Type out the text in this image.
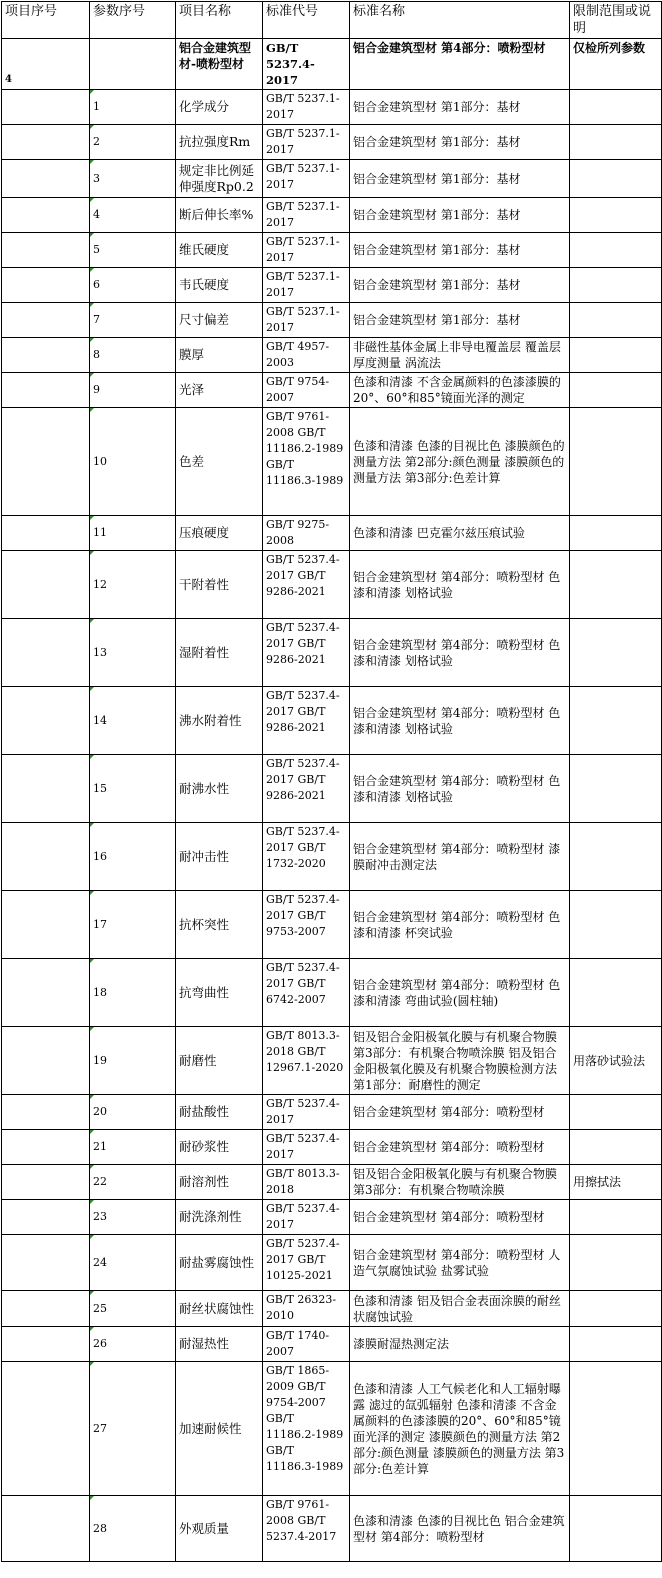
项目序号	参数序号	项目名称	标准代号	标准名称	限制范围或说明
4		铝合金建筑型材-喷粉型材	GB/T 5237.4-2017	铝合金建筑型材 第4部分：喷粉型材	仅检所列参数
	1	化学成分	GB/T 5237.1-2017	铝合金建筑型材 第1部分：基材	
	2	抗拉强度Rm	GB/T 5237.1-2017	铝合金建筑型材 第1部分：基材	
	3	规定非比例延伸强度Rp0.2	GB/T 5237.1-2017	铝合金建筑型材 第1部分：基材	
	4	断后伸长率%	GB/T 5237.1-2017	铝合金建筑型材 第1部分：基材	
	5	维氏硬度	GB/T 5237.1-2017	铝合金建筑型材 第1部分：基材	
	6	韦氏硬度	GB/T 5237.1-2017	铝合金建筑型材 第1部分：基材	
	7	尺寸偏差	GB/T 5237.1-2017	铝合金建筑型材 第1部分：基材	
	8	膜厚	GB/T 4957-2003	非磁性基体金属上非导电覆盖层 覆盖层厚度测量 涡流法	
	9	光泽	GB/T 9754-2007	色漆和清漆 不含金属颜料的色漆漆膜的20°、60°和85°镜面光泽的测定	
	10	色差	GB/T 9761-2008 GB/T 11186.2-1989 GB/T 11186.3-1989	色漆和清漆 色漆的目视比色 漆膜颜色的测量方法 第2部分:颜色测量 漆膜颜色的测量方法 第3部分:色差计算	
	11	压痕硬度	GB/T 9275-2008	色漆和清漆 巴克霍尔兹压痕试验	
	12	干附着性	GB/T 5237.4-2017 GB/T 9286-2021	铝合金建筑型材 第4部分：喷粉型材 色漆和清漆 划格试验	
	13	湿附着性	GB/T 5237.4-2017 GB/T 9286-2021	铝合金建筑型材 第4部分：喷粉型材 色漆和清漆 划格试验	
	14	沸水附着性	GB/T 5237.4-2017 GB/T 9286-2021	铝合金建筑型材 第4部分：喷粉型材 色漆和清漆 划格试验	
	15	耐沸水性	GB/T 5237.4-2017 GB/T 9286-2021	铝合金建筑型材 第4部分：喷粉型材 色漆和清漆 划格试验	
	16	耐冲击性	GB/T 5237.4-2017 GB/T 1732-2020	铝合金建筑型材 第4部分：喷粉型材 漆膜耐冲击测定法	
	17	抗杯突性	GB/T 5237.4-2017 GB/T 9753-2007	铝合金建筑型材 第4部分：喷粉型材 色漆和清漆 杯突试验	
	18	抗弯曲性	GB/T 5237.4-2017 GB/T 6742-2007	铝合金建筑型材 第4部分：喷粉型材 色漆和清漆 弯曲试验(圆柱轴)	
	19	耐磨性	GB/T 8013.3-2018 GB/T 12967.1-2020	铝及铝合金阳极氧化膜与有机聚合物膜 第3部分：有机聚合物喷涂膜 铝及铝合金阳极氧化膜及有机聚合物膜检测方法 第1部分：耐磨性的测定	用落砂试验法
	20	耐盐酸性	GB/T 5237.4-2017	铝合金建筑型材 第4部分：喷粉型材	
	21	耐砂浆性	GB/T 5237.4-2017	铝合金建筑型材 第4部分：喷粉型材	
	22	耐溶剂性	GB/T 8013.3-2018	铝及铝合金阳极氧化膜与有机聚合物膜 第3部分：有机聚合物喷涂膜	用擦拭法
	23	耐洗涤剂性	GB/T 5237.4-2017	铝合金建筑型材 第4部分：喷粉型材	
	24	耐盐雾腐蚀性	GB/T 5237.4-2017 GB/T 10125-2021	铝合金建筑型材 第4部分：喷粉型材 人造气氛腐蚀试验 盐雾试验	
	25	耐丝状腐蚀性	GB/T 26323-2010	色漆和清漆 铝及铝合金表面涂膜的耐丝状腐蚀试验	
	26	耐湿热性	GB/T 1740-2007	漆膜耐湿热测定法	
	27	加速耐候性	GB/T 1865-2009 GB/T 9754-2007 GB/T 11186.2-1989 GB/T 11186.3-1989	色漆和清漆 人工气候老化和人工辐射曝露 滤过的氙弧辐射 色漆和清漆 不含金属颜料的色漆漆膜的20°、60°和85°镜面光泽的测定 漆膜颜色的测量方法 第2部分:颜色测量 漆膜颜色的测量方法 第3部分:色差计算	
	28	外观质量	GB/T 9761-2008 GB/T 5237.4-2017	色漆和清漆 色漆的目视比色 铝合金建筑型材 第4部分：喷粉型材	
